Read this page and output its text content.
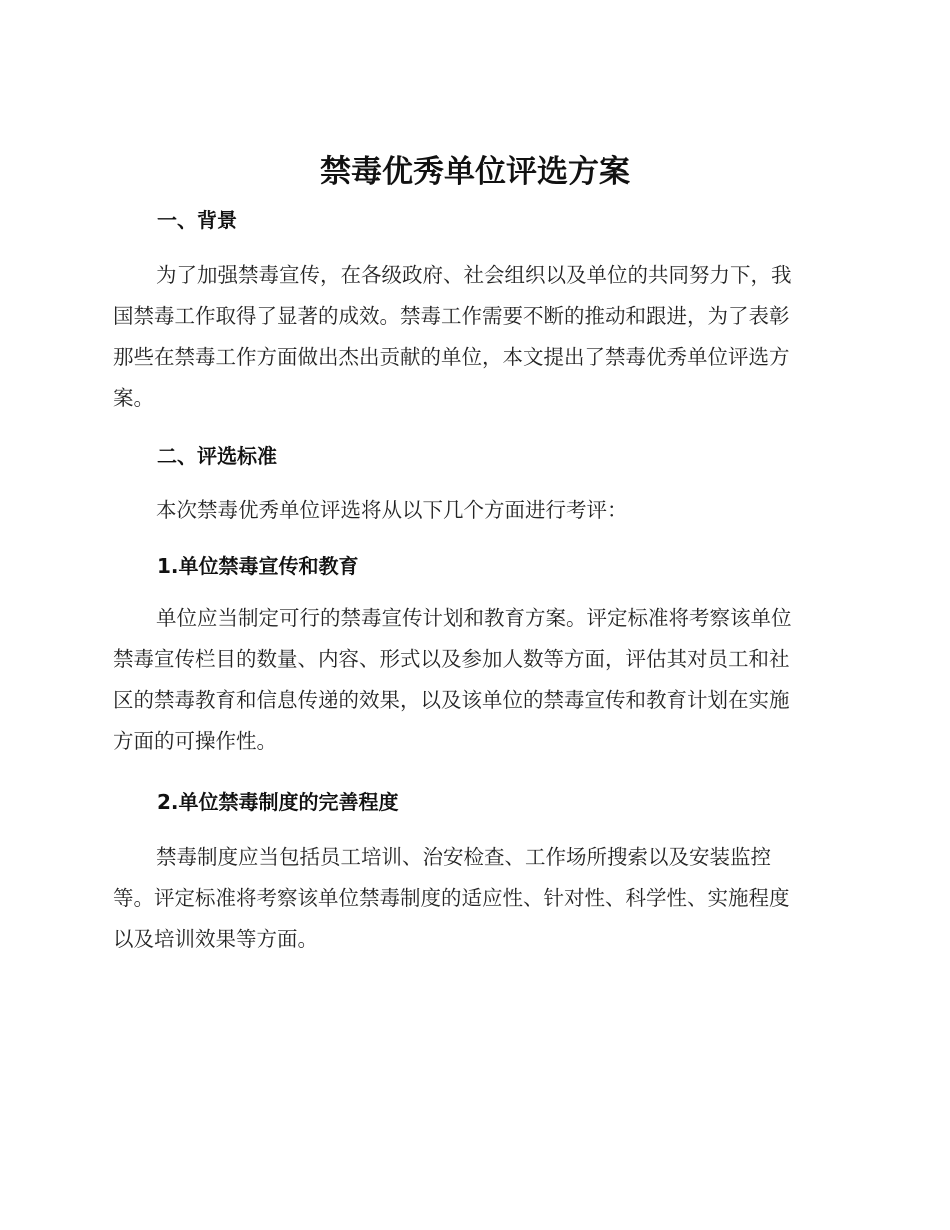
禁毒优秀单位评选方案
一、背景
为了加强禁毒宣传，在各级政府、社会组织以及单位的共同努力下，我
国禁毒工作取得了显著的成效。禁毒工作需要不断的推动和跟进，为了表彰
那些在禁毒工作方面做出杰出贡献的单位，本文提出了禁毒优秀单位评选方
案。
二、评选标准
本次禁毒优秀单位评选将从以下几个方面进行考评：
1.单位禁毒宣传和教育
单位应当制定可行的禁毒宣传计划和教育方案。评定标准将考察该单位
禁毒宣传栏目的数量、内容、形式以及参加人数等方面，评估其对员工和社
区的禁毒教育和信息传递的效果，以及该单位的禁毒宣传和教育计划在实施
方面的可操作性。
2.单位禁毒制度的完善程度
禁毒制度应当包括员工培训、治安检查、工作场所搜索以及安装监控
等。评定标准将考察该单位禁毒制度的适应性、针对性、科学性、实施程度
以及培训效果等方面。
